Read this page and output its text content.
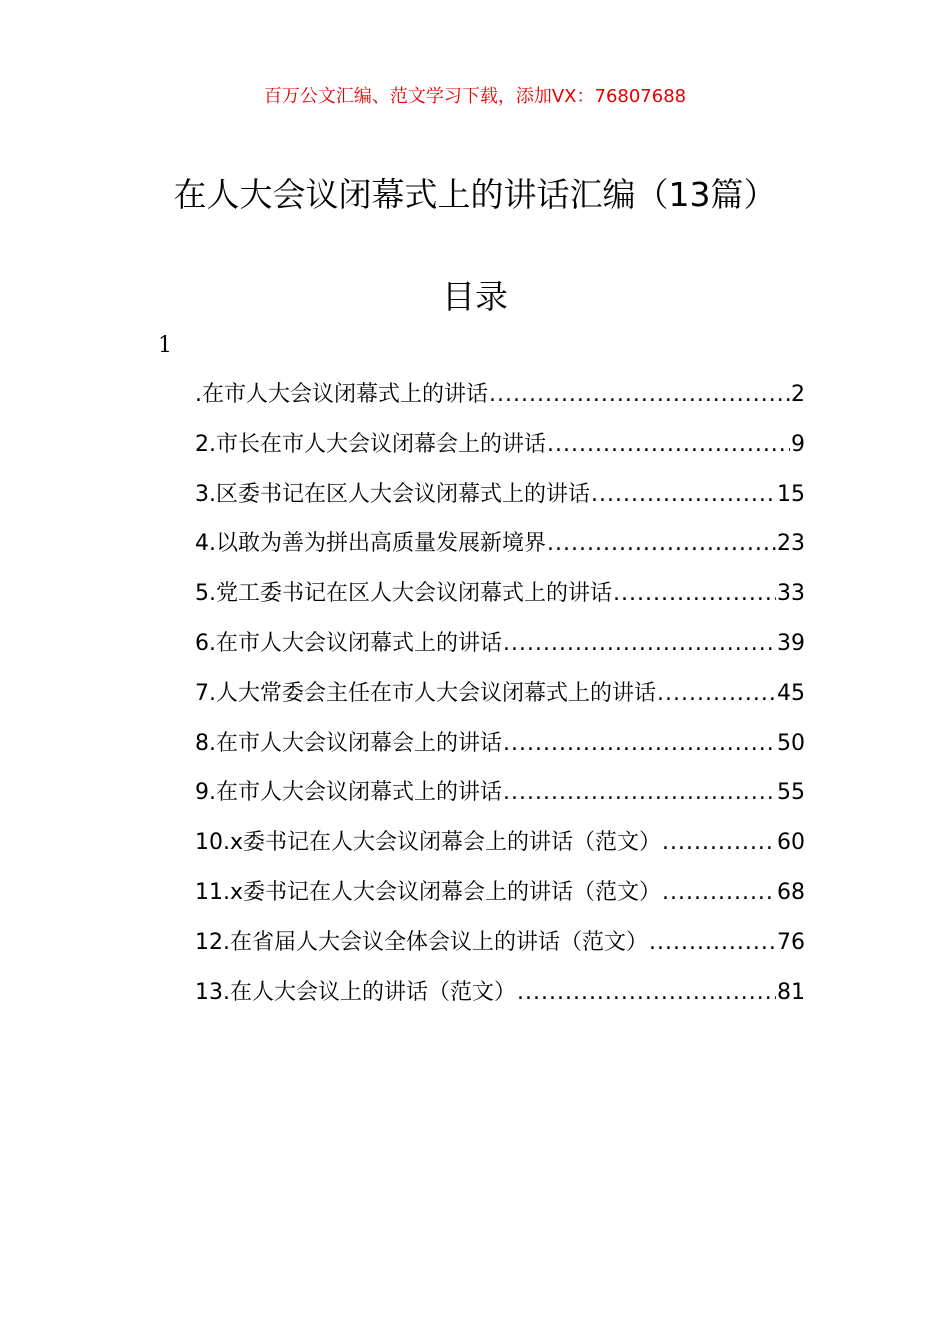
百万公文汇编、范文学习下载，添加VX：76807688
在人大会议闭幕式上的讲话汇编（13篇）
目录
1
.在市人大会议闭幕式上的讲话 .....	2
2.市长在市人大会议闭幕会上的讲话 .....	9
3.区委书记在区人大会议闭幕式上的讲话 .....	15
4.以敢为善为拼出高质量发展新境界 .....	23
5.党工委书记在区人大会议闭幕式上的讲话 .....	33
6.在市人大会议闭幕式上的讲话 .....	39
7.人大常委会主任在市人大会议闭幕式上的讲话 .....	45
8.在市人大会议闭幕会上的讲话 .....	50
9.在市人大会议闭幕式上的讲话 .....	55
10.x委书记在人大会议闭幕会上的讲话（范文） .....	60
11.x委书记在人大会议闭幕会上的讲话（范文） .....	68
12.在省届人大会议全体会议上的讲话（范文） .....	76
13.在人大会议上的讲话（范文） .....	81
